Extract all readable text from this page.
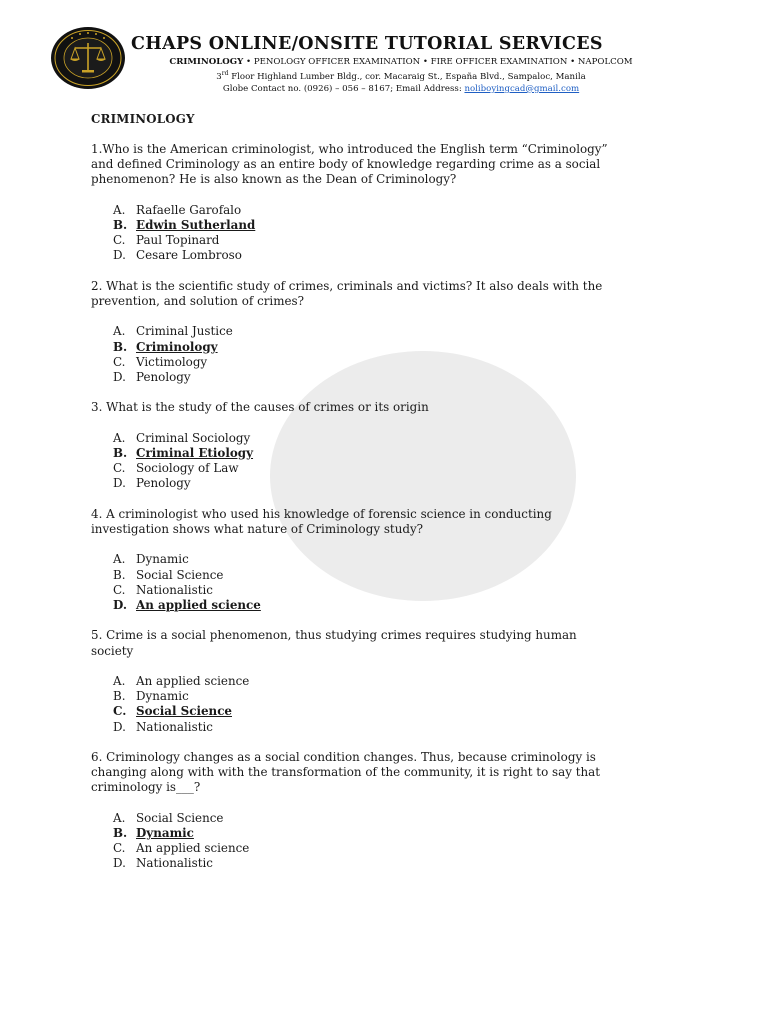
CHAPS ONLINE/ONSITE TUTORIAL SERVICES
CRIMINOLOGY • PENOLOGY OFFICER EXAMINATION • FIRE OFFICER EXAMINATION • NAPOLCOM
3rd Floor Highland Lumber Bldg., cor. Macaraig St., España Blvd., Sampaloc, Manila
Globe Contact no. (0926) – 056 – 8167; Email Address: noliboyingcad@gmail.com
CRIMINOLOGY
1.Who is the American criminologist, who introduced the English term “Criminology”
and defined Criminology as an entire body of knowledge regarding crime as a social
phenomenon? He is also known as the Dean of Criminology?
A. Rafaelle Garofalo
B. Edwin Sutherland
C. Paul Topinard
D. Cesare Lombroso
2. What is the scientific study of crimes, criminals and victims? It also deals with the
prevention, and solution of crimes?
A. Criminal Justice
B. Criminology
C. Victimology
D. Penology
3. What is the study of the causes of crimes or its origin
A. Criminal Sociology
B. Criminal Etiology
C. Sociology of Law
D. Penology
4. A criminologist who used his knowledge of forensic science in conducting
investigation shows what nature of Criminology study?
A. Dynamic
B. Social Science
C. Nationalistic
D. An applied science
5. Crime is a social phenomenon, thus studying crimes requires studying human
society
A. An applied science
B. Dynamic
C. Social Science
D. Nationalistic
6. Criminology changes as a social condition changes. Thus, because criminology is
changing along with with the transformation of the community, it is right to say that
criminology is___?
A. Social Science
B. Dynamic
C. An applied science
D. Nationalistic
